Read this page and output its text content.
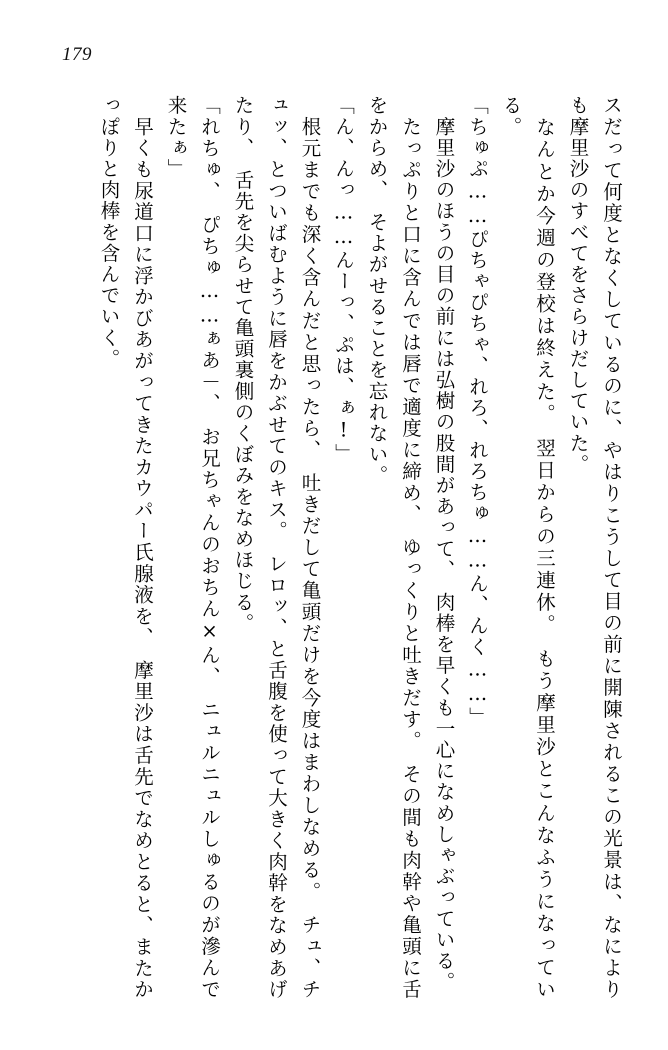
179

スだって何度となくしているのに、やはりこうして目の前に開陳されるこの光景は、なによりも摩里沙のすべてをさらけだしていた。

　なんとか今週の登校は終えた。　翌日からの三連休。　もう摩里沙とこんなふうになっている。

「ちゅぷ……ぴちゃぴちゃ、れろ、れろちゅ……ん、んく……」

　摩里沙のほうの目の前には弘樹の股間があって、　肉棒を早くも一心になめしゃぶっている。

　たっぷりと口に含んでは唇で適度に締め、　ゆっくりと吐きだす。　その間も肉幹や亀頭に舌をからめ、　そよがせることを忘れない。

「ん、んっ……んーっ、ぷは、ぁ!」

　根元までも深く含んだと思ったら、　吐きだして亀頭だけを今度はまわしなめる。　チュ、チュッ、とついばむように唇をかぶせてのキス。　レロッ、と舌腹を使って大きく肉幹をなめあげたり、　舌先を尖らせて亀頭裏側のくぼみをなめほじる。

「れちゅ、　ぴちゅ……ぁあ－、　お兄ちゃんのおちん×ん、　ニュルニュルしゅるのが滲んで来たぁ」

　早くも尿道口に浮かびあがってきたカウパー氏腺液を、　摩里沙は舌先でなめとると、またかっぽりと肉棒を含んでいく。
